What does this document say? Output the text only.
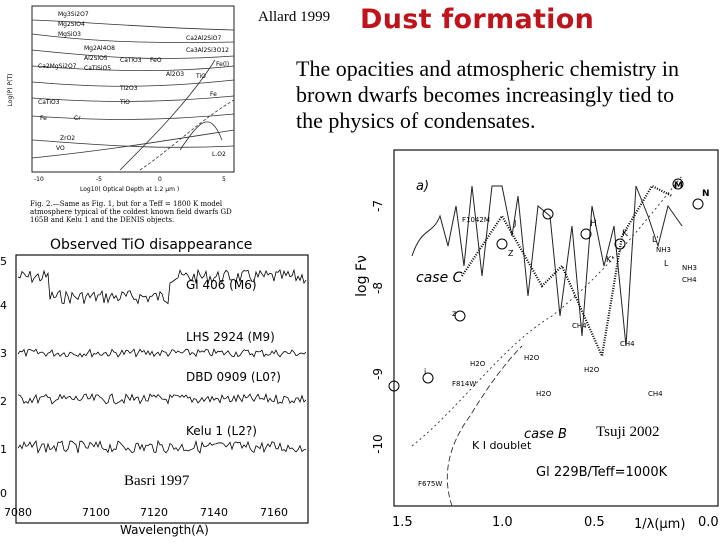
Dust formation
Allard 1999
The opacities and atmospheric chemistry in brown dwarfs becomes increasingly tied to the physics of condensates.
Log(P) P(T)
Mg3Si2O7
Mg2SiO4
MgSiO3
Mg2Al4O8
Al2SiO5
Ca2MgSi2O7 CaTiSiO5
CaTiO3
Ti2O3
TiO
CaTiO3
Ca3Al2Si3O12
FeO
Al2O3
ZrO2
VO
Fe
Fe(l)
TiO
Fe
Cr
Ca2Al2SiO7
L.O2
-10	-5	0	5
Log10( Optical Depth at 1.2 μm )
Fig. 2.—Same as Fig. 1, but for a Teff = 1800 K model atmosphere typical of the coldest known field dwarfs GD 165B and Kelu 1 and the DENIS objects.
Observed TiO disappearance
5
4
3
2
1
0
Gl 406 (M6)
LHS 2924 (M9)
DBD 0909 (L0?)
Kelu 1 (L2?)
7080	7100	7120	7140	7160
Wavelength(A)
Basri 1997
log Fν
-7
-8
-9
-10
a)
case C
case B
K I doublet
Gl 229B/Teff=1000K
M
N
F1042M	J	H
K
Z
K'
L'
L
z
i
F814W
F675W
NH3
NH3
CH4
CH4
CH4
H2O
H2O
H2O
H2O
CH4
1.5	1.0	0.5	0.0
1/λ(μm)
Tsuji 2002
